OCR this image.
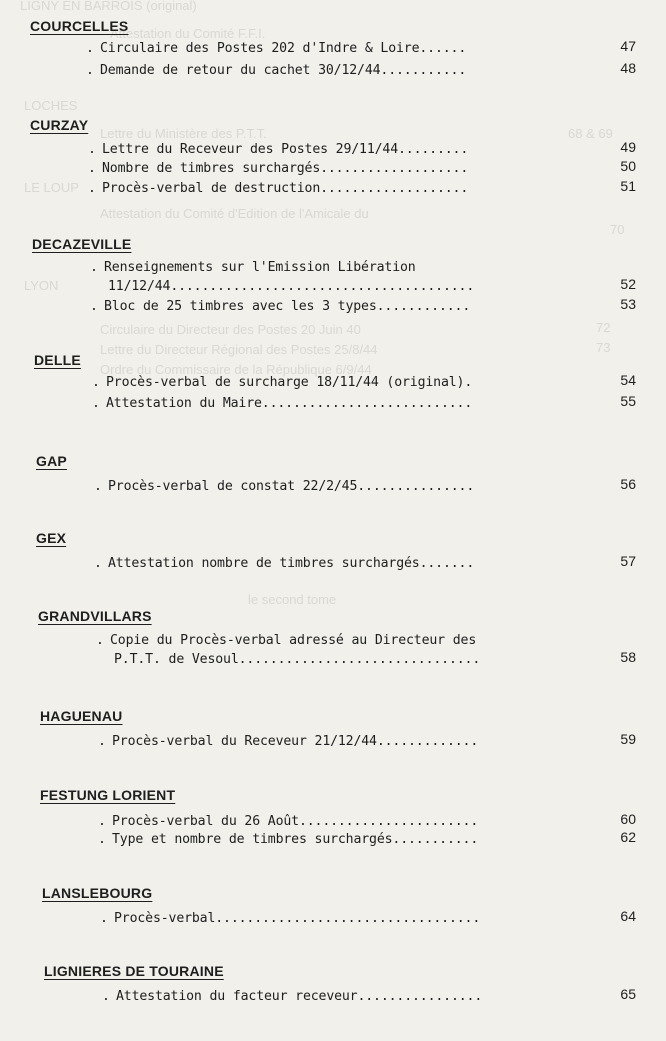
LIGNY EN BARROIS (original)
Attestation du Comité F.F.I.
LOCHES
Lettre du Ministère des P.T.T.	68 & 69
LE LOUP
Attestation du Comité d'Edition de l'Amicale du
70
LYON
Circulaire du Directeur des Postes 20 Juin 40	72
Lettre du Directeur Régional des Postes 25/8/44	73
Ordre du Commissaire de la République 6/9/44
le second tome
COURCELLES
. Circulaire des Postes 202 d'Indre & Loire......	47
. Demande de retour du cachet 30/12/44...........	48
CURZAY
. Lettre du Receveur des Postes 29/11/44.........	49
. Nombre de timbres surchargés...................	50
. Procès-verbal de destruction...................	51
DECAZEVILLE
. Renseignements sur l'Emission Libération
11/12/44.......................................	52
. Bloc de 25 timbres avec les 3 types............	53
DELLE
. Procès-verbal de surcharge 18/11/44 (original).	54
. Attestation du Maire...........................	55
GAP
. Procès-verbal de constat 22/2/45...............	56
GEX
. Attestation nombre de timbres surchargés.......	57
GRANDVILLARS
. Copie du Procès-verbal adressé au Directeur des
P.T.T. de Vesoul...............................	58
HAGUENAU
. Procès-verbal du Receveur 21/12/44.............	59
FESTUNG LORIENT
. Procès-verbal du 26 Août.......................	60
. Type et nombre de timbres surchargés...........	62
LANSLEBOURG
. Procès-verbal..................................	64
LIGNIERES DE TOURAINE
. Attestation du facteur receveur................	65
